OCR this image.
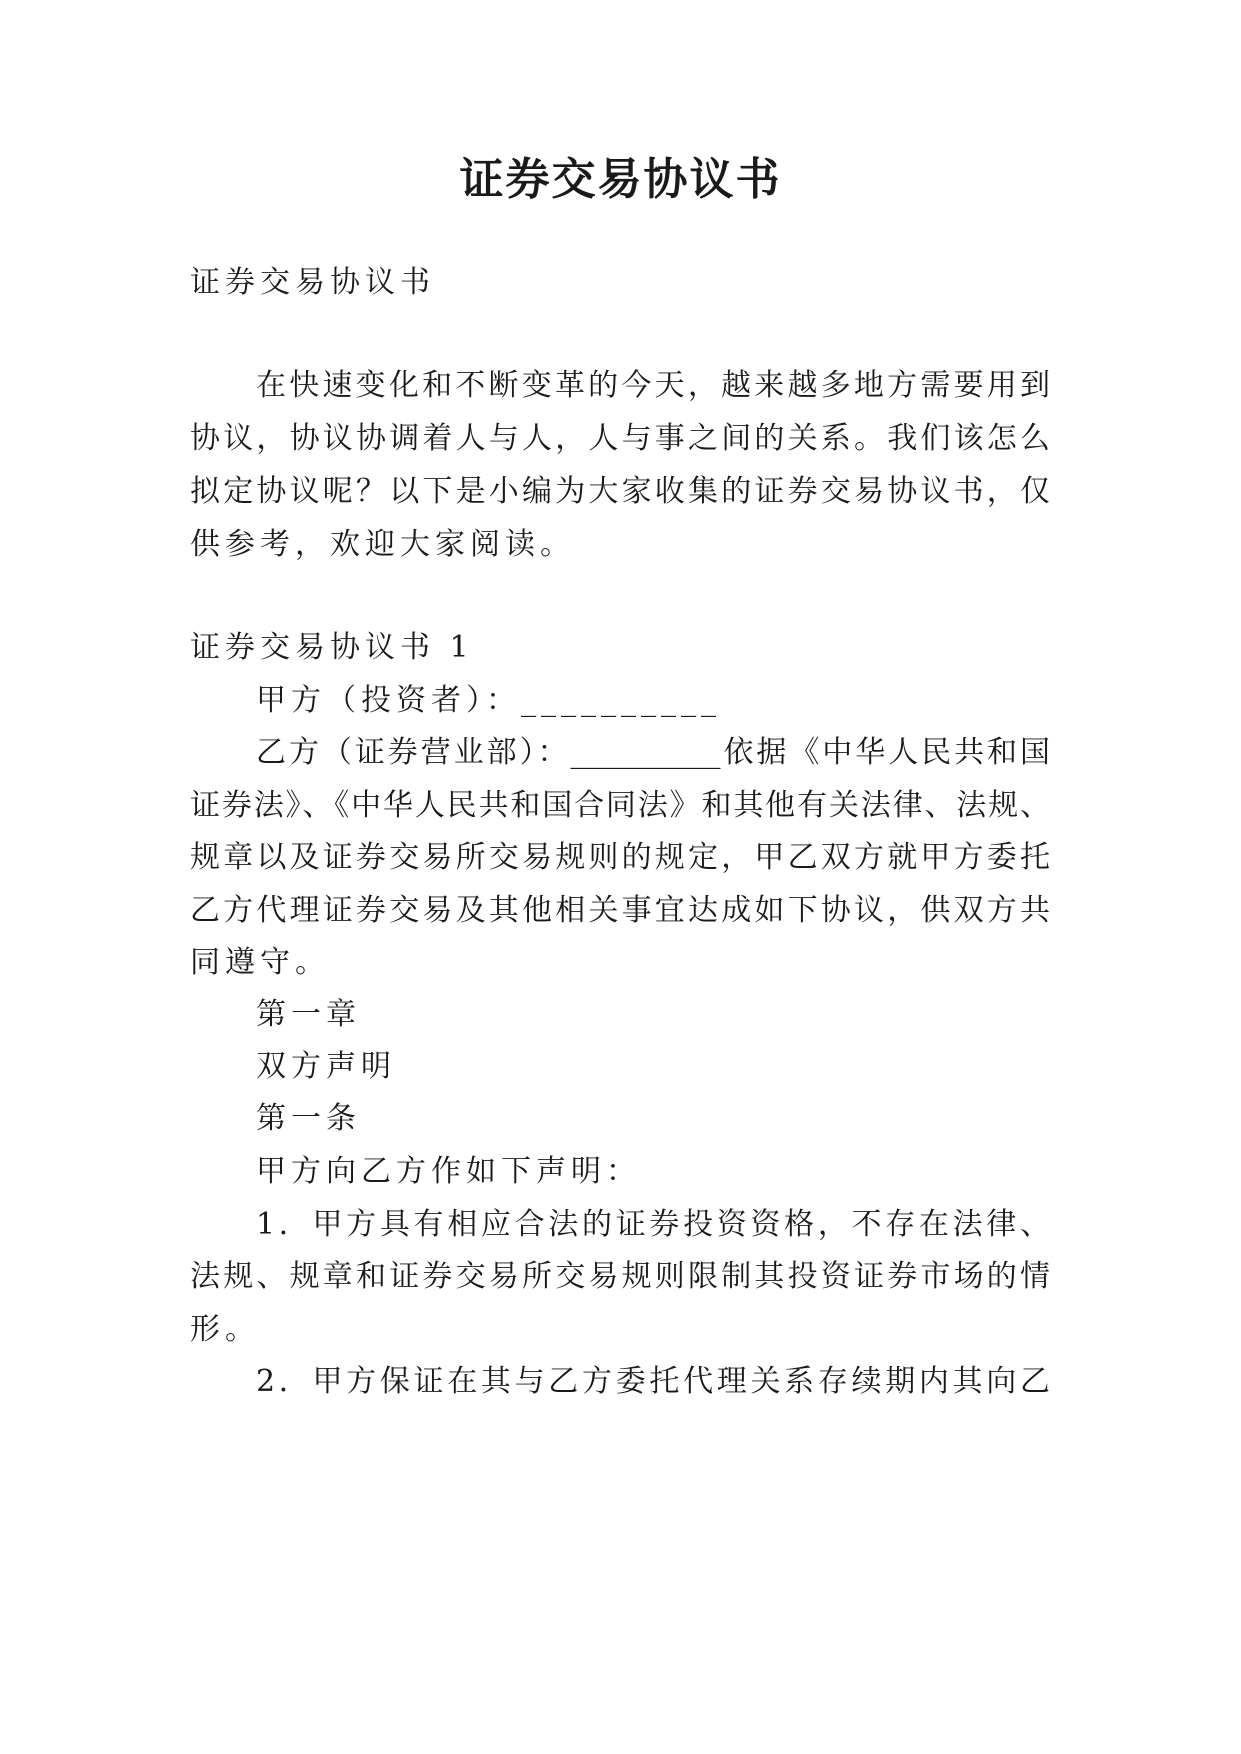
证券交易协议书
证券交易协议书
在快速变化和不断变革的今天，越来越多地方需要用到
协议，协议协调着人与人，人与事之间的关系。我们该怎么
拟定协议呢？以下是小编为大家收集的证券交易协议书，仅
供参考，欢迎大家阅读。
证券交易协议书 1
甲方（投资者）：__________
乙方（证券营业部）：__________依据《中华人民共和国
证券法》、《中华人民共和国合同法》和其他有关法律、法规、
规章以及证券交易所交易规则的规定，甲乙双方就甲方委托
乙方代理证券交易及其他相关事宜达成如下协议，供双方共
同遵守。
第一章
双方声明
第一条
甲方向乙方作如下声明：
1．甲方具有相应合法的证券投资资格，不存在法律、
法规、规章和证券交易所交易规则限制其投资证券市场的情
形。
2．甲方保证在其与乙方委托代理关系存续期内其向乙
